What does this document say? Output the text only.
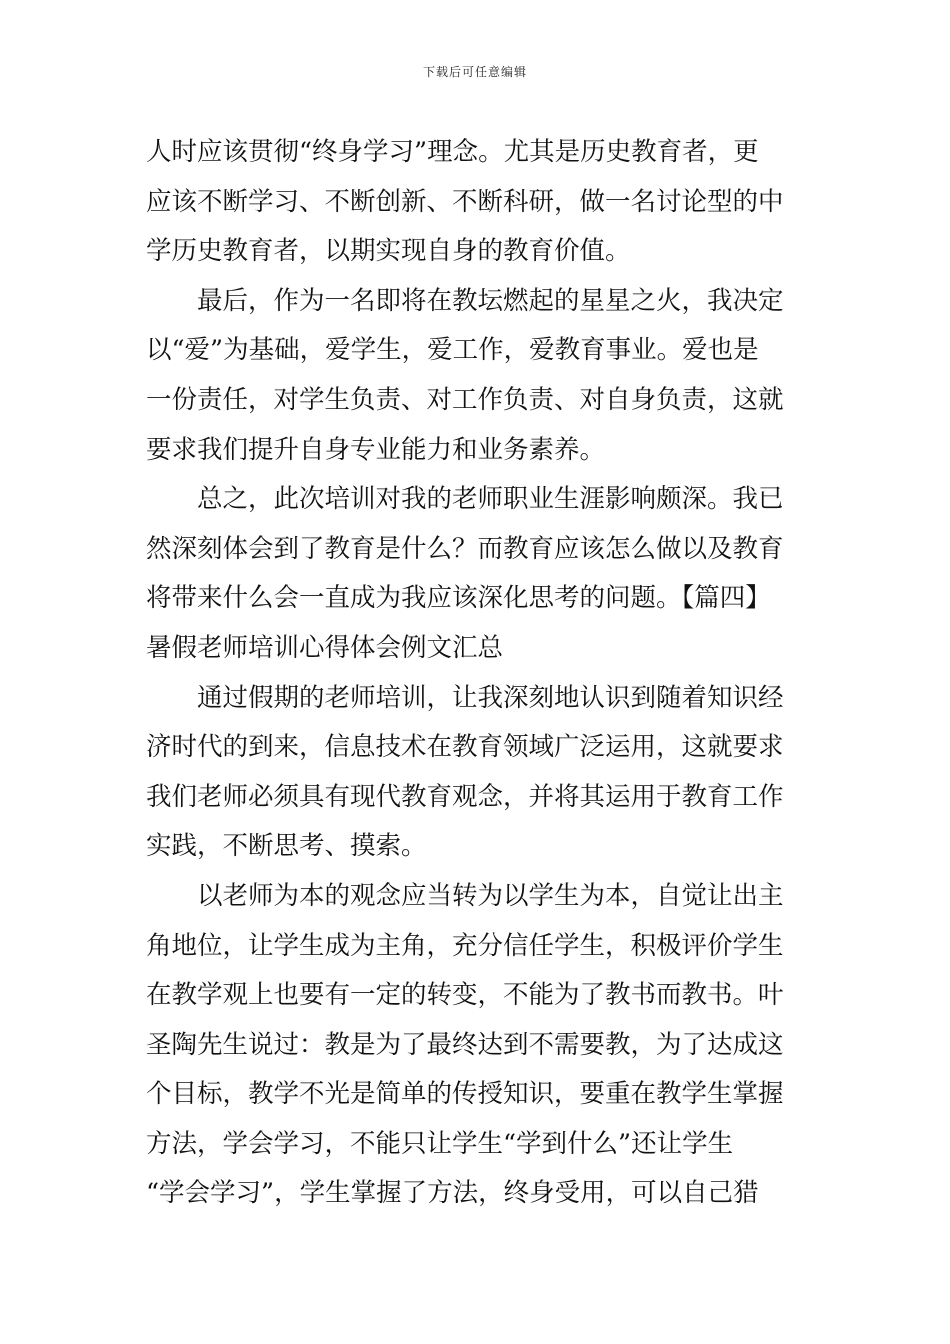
下载后可任意编辑
人时应该贯彻“终身学习”理念。尤其是历史教育者，更
应该不断学习、不断创新、不断科研，做一名讨论型的中
学历史教育者，以期实现自身的教育价值。
最后，作为一名即将在教坛燃起的星星之火，我决定
以“爱”为基础，爱学生，爱工作，爱教育事业。爱也是
一份责任，对学生负责、对工作负责、对自身负责，这就
要求我们提升自身专业能力和业务素养。
总之，此次培训对我的老师职业生涯影响颇深。我已
然深刻体会到了教育是什么？而教育应该怎么做以及教育
将带来什么会一直成为我应该深化思考的问题。【篇四】
暑假老师培训心得体会例文汇总
通过假期的老师培训，让我深刻地认识到随着知识经
济时代的到来，信息技术在教育领域广泛运用，这就要求
我们老师必须具有现代教育观念，并将其运用于教育工作
实践，不断思考、摸索。
以老师为本的观念应当转为以学生为本，自觉让出主
角地位，让学生成为主角，充分信任学生，积极评价学生
在教学观上也要有一定的转变，不能为了教书而教书。叶
圣陶先生说过：教是为了最终达到不需要教，为了达成这
个目标，教学不光是简单的传授知识，要重在教学生掌握
方法，学会学习，不能只让学生“学到什么”还让学生
“学会学习”，学生掌握了方法，终身受用，可以自己猎
